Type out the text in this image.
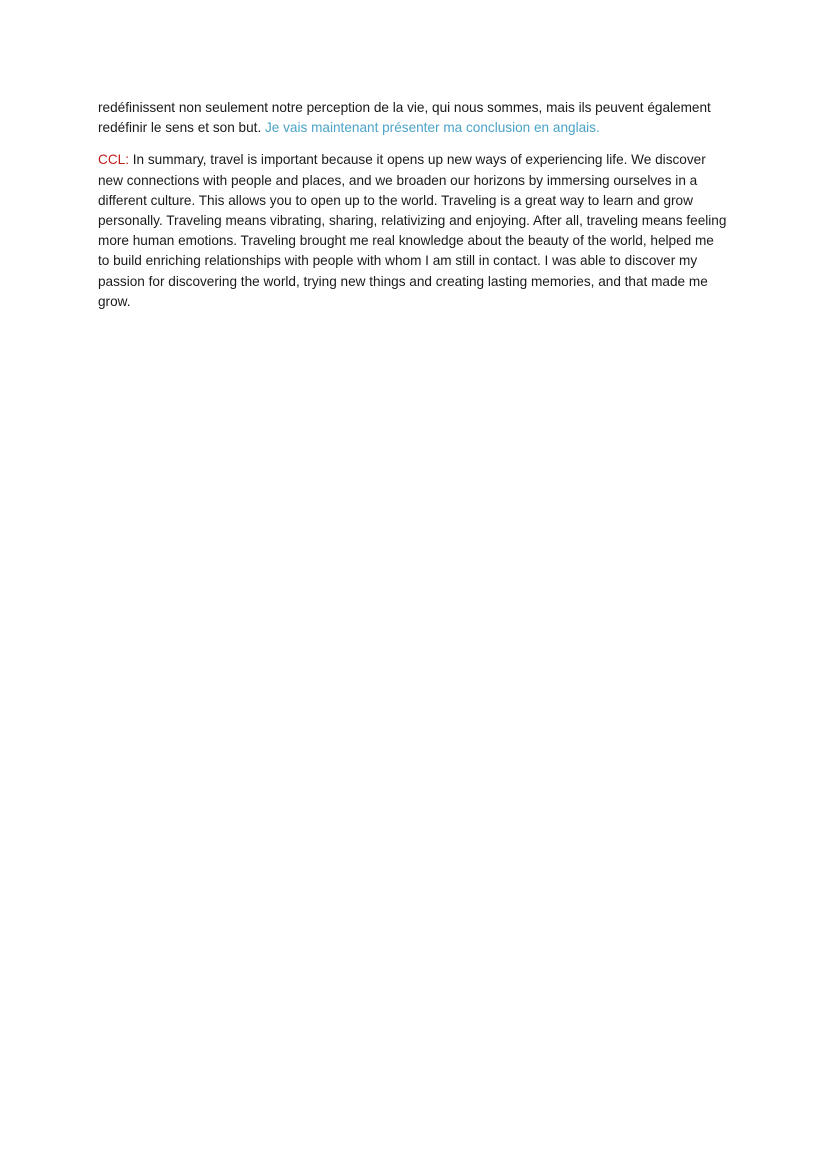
redéfinissent non seulement notre perception de la vie, qui nous sommes, mais ils peuvent également redéfinir le sens et son but. Je vais maintenant présenter ma conclusion en anglais.

CCL: In summary, travel is important because it opens up new ways of experiencing life. We discover new connections with people and places, and we broaden our horizons by immersing ourselves in a different culture. This allows you to open up to the world. Traveling is a great way to learn and grow personally. Traveling means vibrating, sharing, relativizing and enjoying. After all, traveling means feeling more human emotions. Traveling brought me real knowledge about the beauty of the world, helped me to build enriching relationships with people with whom I am still in contact. I was able to discover my passion for discovering the world, trying new things and creating lasting memories, and that made me grow.
